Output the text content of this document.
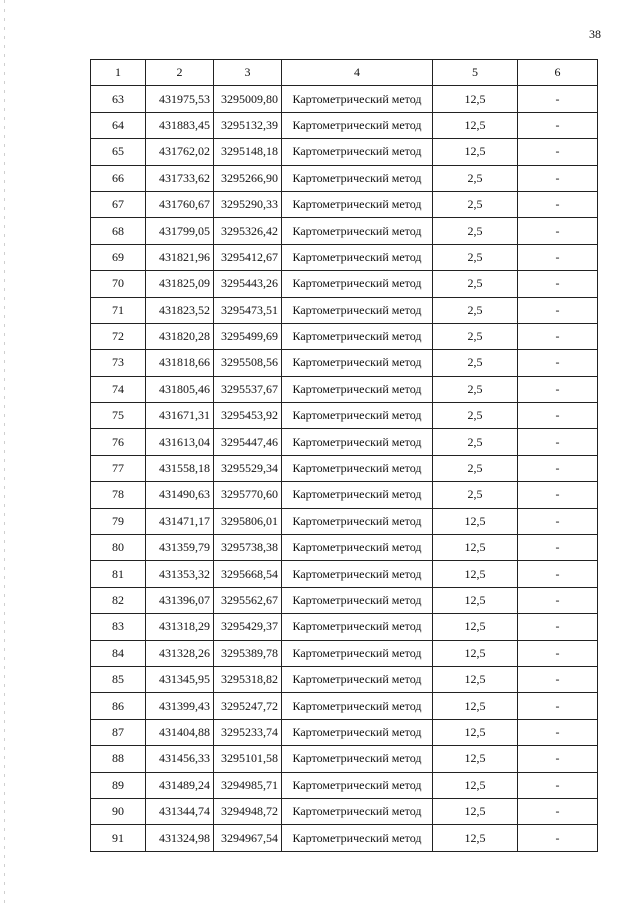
38
1	2	3	4	5	6
63	431975,53	3295009,80	Картометрический метод	12,5	-
64	431883,45	3295132,39	Картометрический метод	12,5	-
65	431762,02	3295148,18	Картометрический метод	12,5	-
66	431733,62	3295266,90	Картометрический метод	2,5	-
67	431760,67	3295290,33	Картометрический метод	2,5	-
68	431799,05	3295326,42	Картометрический метод	2,5	-
69	431821,96	3295412,67	Картометрический метод	2,5	-
70	431825,09	3295443,26	Картометрический метод	2,5	-
71	431823,52	3295473,51	Картометрический метод	2,5	-
72	431820,28	3295499,69	Картометрический метод	2,5	-
73	431818,66	3295508,56	Картометрический метод	2,5	-
74	431805,46	3295537,67	Картометрический метод	2,5	-
75	431671,31	3295453,92	Картометрический метод	2,5	-
76	431613,04	3295447,46	Картометрический метод	2,5	-
77	431558,18	3295529,34	Картометрический метод	2,5	-
78	431490,63	3295770,60	Картометрический метод	2,5	-
79	431471,17	3295806,01	Картометрический метод	12,5	-
80	431359,79	3295738,38	Картометрический метод	12,5	-
81	431353,32	3295668,54	Картометрический метод	12,5	-
82	431396,07	3295562,67	Картометрический метод	12,5	-
83	431318,29	3295429,37	Картометрический метод	12,5	-
84	431328,26	3295389,78	Картометрический метод	12,5	-
85	431345,95	3295318,82	Картометрический метод	12,5	-
86	431399,43	3295247,72	Картометрический метод	12,5	-
87	431404,88	3295233,74	Картометрический метод	12,5	-
88	431456,33	3295101,58	Картометрический метод	12,5	-
89	431489,24	3294985,71	Картометрический метод	12,5	-
90	431344,74	3294948,72	Картометрический метод	12,5	-
91	431324,98	3294967,54	Картометрический метод	12,5	-
